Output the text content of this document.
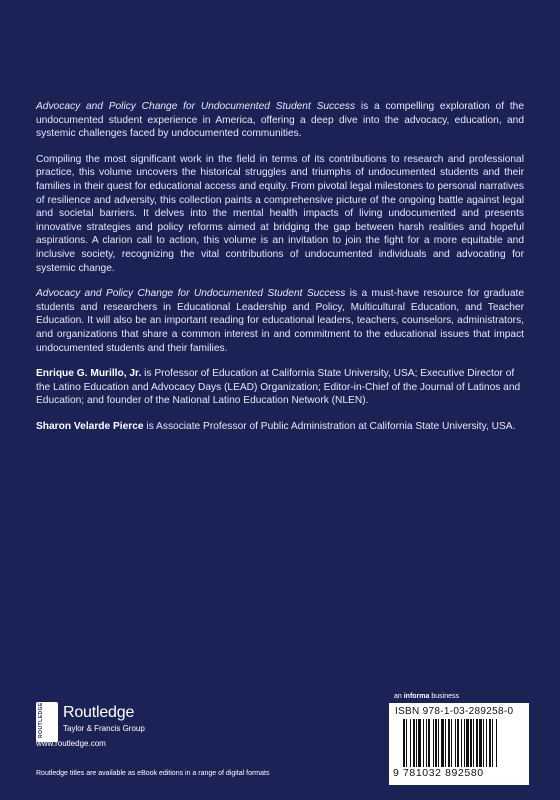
Advocacy and Policy Change for Undocumented Student Success is a compelling exploration of the undocumented student experience in America, offering a deep dive into the advocacy, education, and systemic challenges faced by undocumented communities.

Compiling the most significant work in the field in terms of its contributions to research and professional practice, this volume uncovers the historical struggles and triumphs of undocumented students and their families in their quest for educational access and equity. From pivotal legal milestones to personal narratives of resilience and adversity, this collection paints a comprehensive picture of the ongoing battle against legal and societal barriers. It delves into the mental health impacts of living undocumented and presents innovative strategies and policy reforms aimed at bridging the gap between harsh realities and hopeful aspirations. A clarion call to action, this volume is an invitation to join the fight for a more equitable and inclusive society, recognizing the vital contributions of undocumented individuals and advocating for systemic change.

Advocacy and Policy Change for Undocumented Student Success is a must-have resource for graduate students and researchers in Educational Leadership and Policy, Multicultural Education, and Teacher Education. It will also be an important reading for educational leaders, teachers, counselors, administrators, and organizations that share a common interest in and commitment to the educational issues that impact undocumented students and their families.

Enrique G. Murillo, Jr. is Professor of Education at California State University, USA; Executive Director of the Latino Education and Advocacy Days (LEAD) Organization; Editor-in-Chief of the Journal of Latinos and Education; and founder of the National Latino Education Network (NLEN).

Sharon Velarde Pierce is Associate Professor of Public Administration at California State University, USA.

an informa business
ROUTLEDGE	Routledge
Taylor & Francis Group
www.routledge.com
Routledge titles are available as eBook editions in a range of digital formats
ISBN 978-1-03-289258-0
9 781032 892580
